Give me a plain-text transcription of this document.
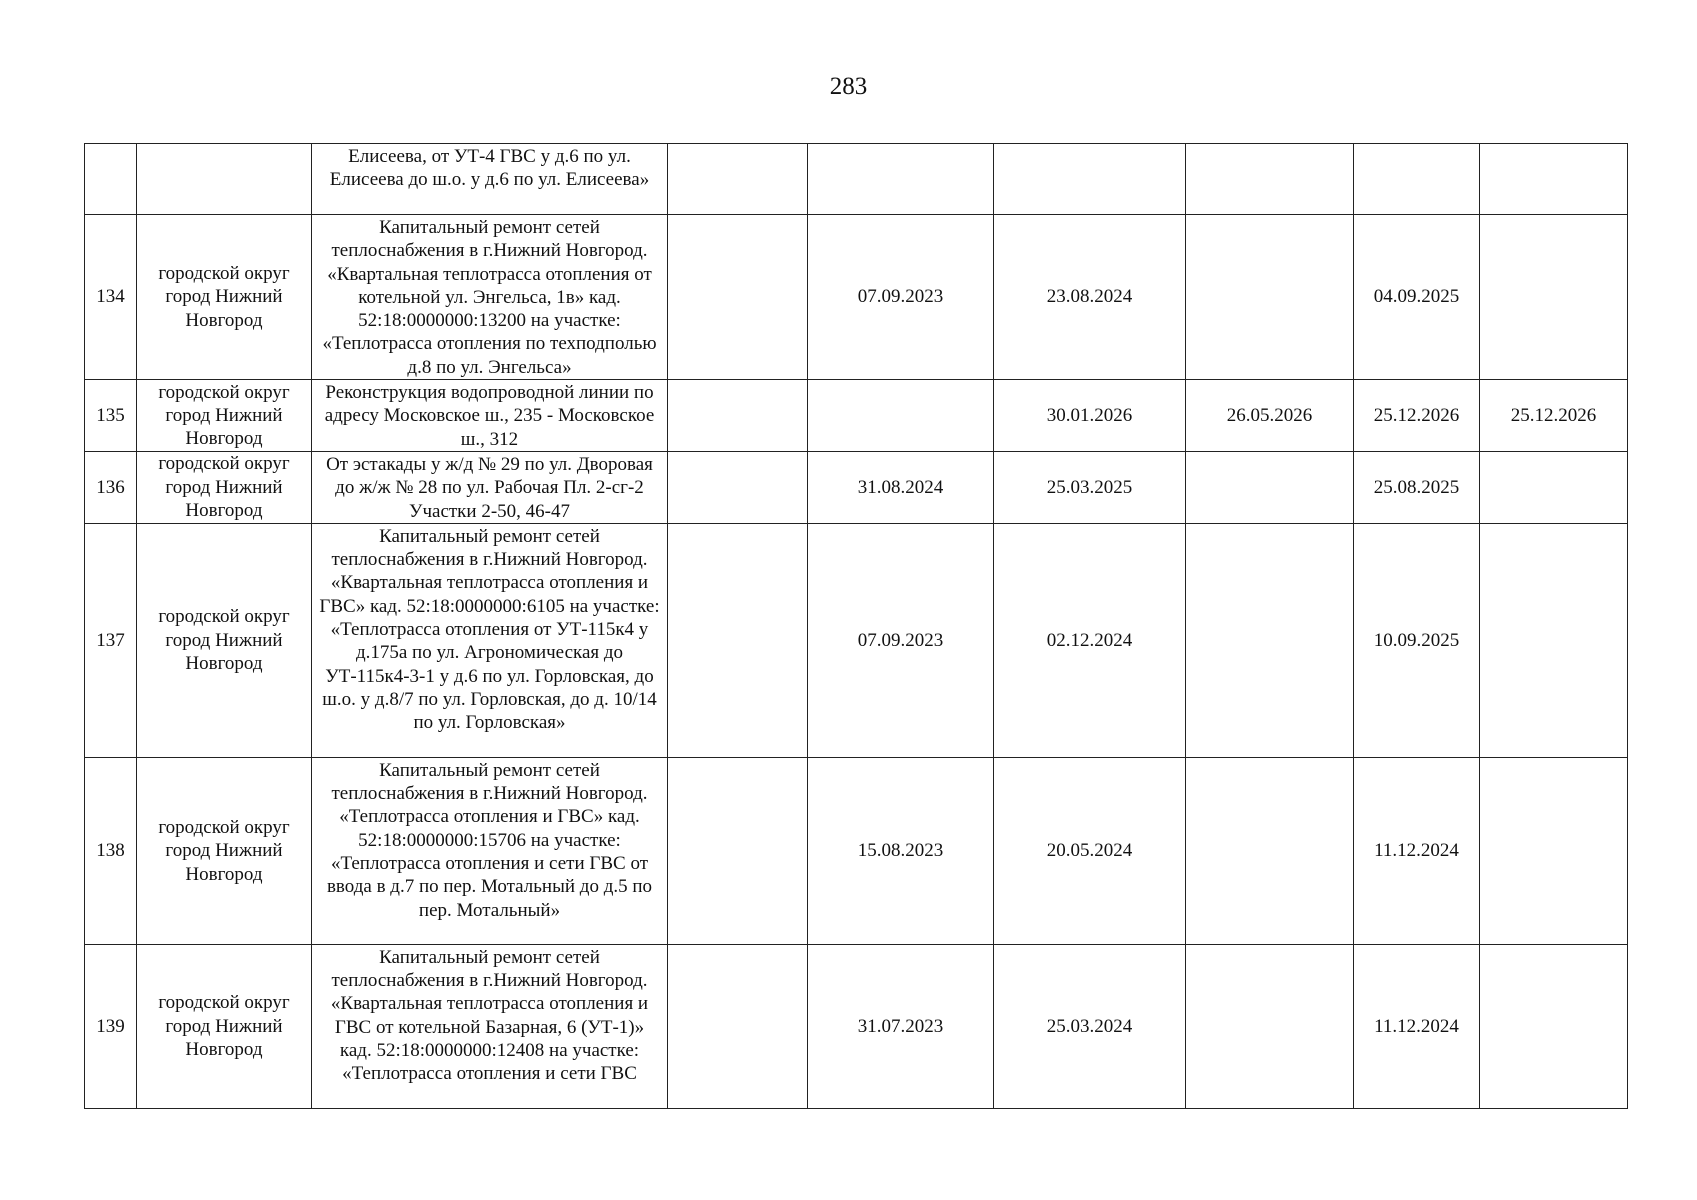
283
		Елисеева, от УТ-4 ГВС у д.6 по ул. Елисеева до ш.о. у д.6 по ул. Елисеева»						
134	городской округ город Нижний Новгород	Капитальный ремонт сетей теплоснабжения в г.Нижний Новгород. «Квартальная теплотрасса отопления от котельной ул. Энгельса, 1в» кад. 52:18:0000000:13200 на участке: «Теплотрасса отопления по техподполью д.8 по ул. Энгельса»		07.09.2023	23.08.2024		04.09.2025	
135	городской округ город Нижний Новгород	Реконструкция водопроводной линии по адресу Московское ш., 235 - Московское ш., 312			30.01.2026	26.05.2026	25.12.2026	25.12.2026
136	городской округ город Нижний Новгород	От эстакады у ж/д № 29 по ул. Дворовая до ж/ж № 28 по ул. Рабочая Пл. 2-сг-2 Участки 2-50, 46-47		31.08.2024	25.03.2025		25.08.2025	
137	городской округ город Нижний Новгород	Капитальный ремонт сетей теплоснабжения в г.Нижний Новгород. «Квартальная теплотрасса отопления и ГВС» кад. 52:18:0000000:6105 на участке: «Теплотрасса отопления от УТ-115к4 у д.175а по ул. Агрономическая до УТ-115к4-3-1 у д.6 по ул. Горловская, до ш.о. у д.8/7 по ул. Горловская, до д. 10/14 по ул. Горловская»		07.09.2023	02.12.2024		10.09.2025	
138	городской округ город Нижний Новгород	Капитальный ремонт сетей теплоснабжения в г.Нижний Новгород. «Теплотрасса отопления и ГВС» кад. 52:18:0000000:15706 на участке: «Теплотрасса отопления и сети ГВС от ввода в д.7 по пер. Мотальный до д.5 по пер. Мотальный»		15.08.2023	20.05.2024		11.12.2024	
139	городской округ город Нижний Новгород	Капитальный ремонт сетей теплоснабжения в г.Нижний Новгород. «Квартальная теплотрасса отопления и ГВС от котельной Базарная, 6 (УТ-1)» кад. 52:18:0000000:12408 на участке: «Теплотрасса отопления и сети ГВС		31.07.2023	25.03.2024		11.12.2024	
